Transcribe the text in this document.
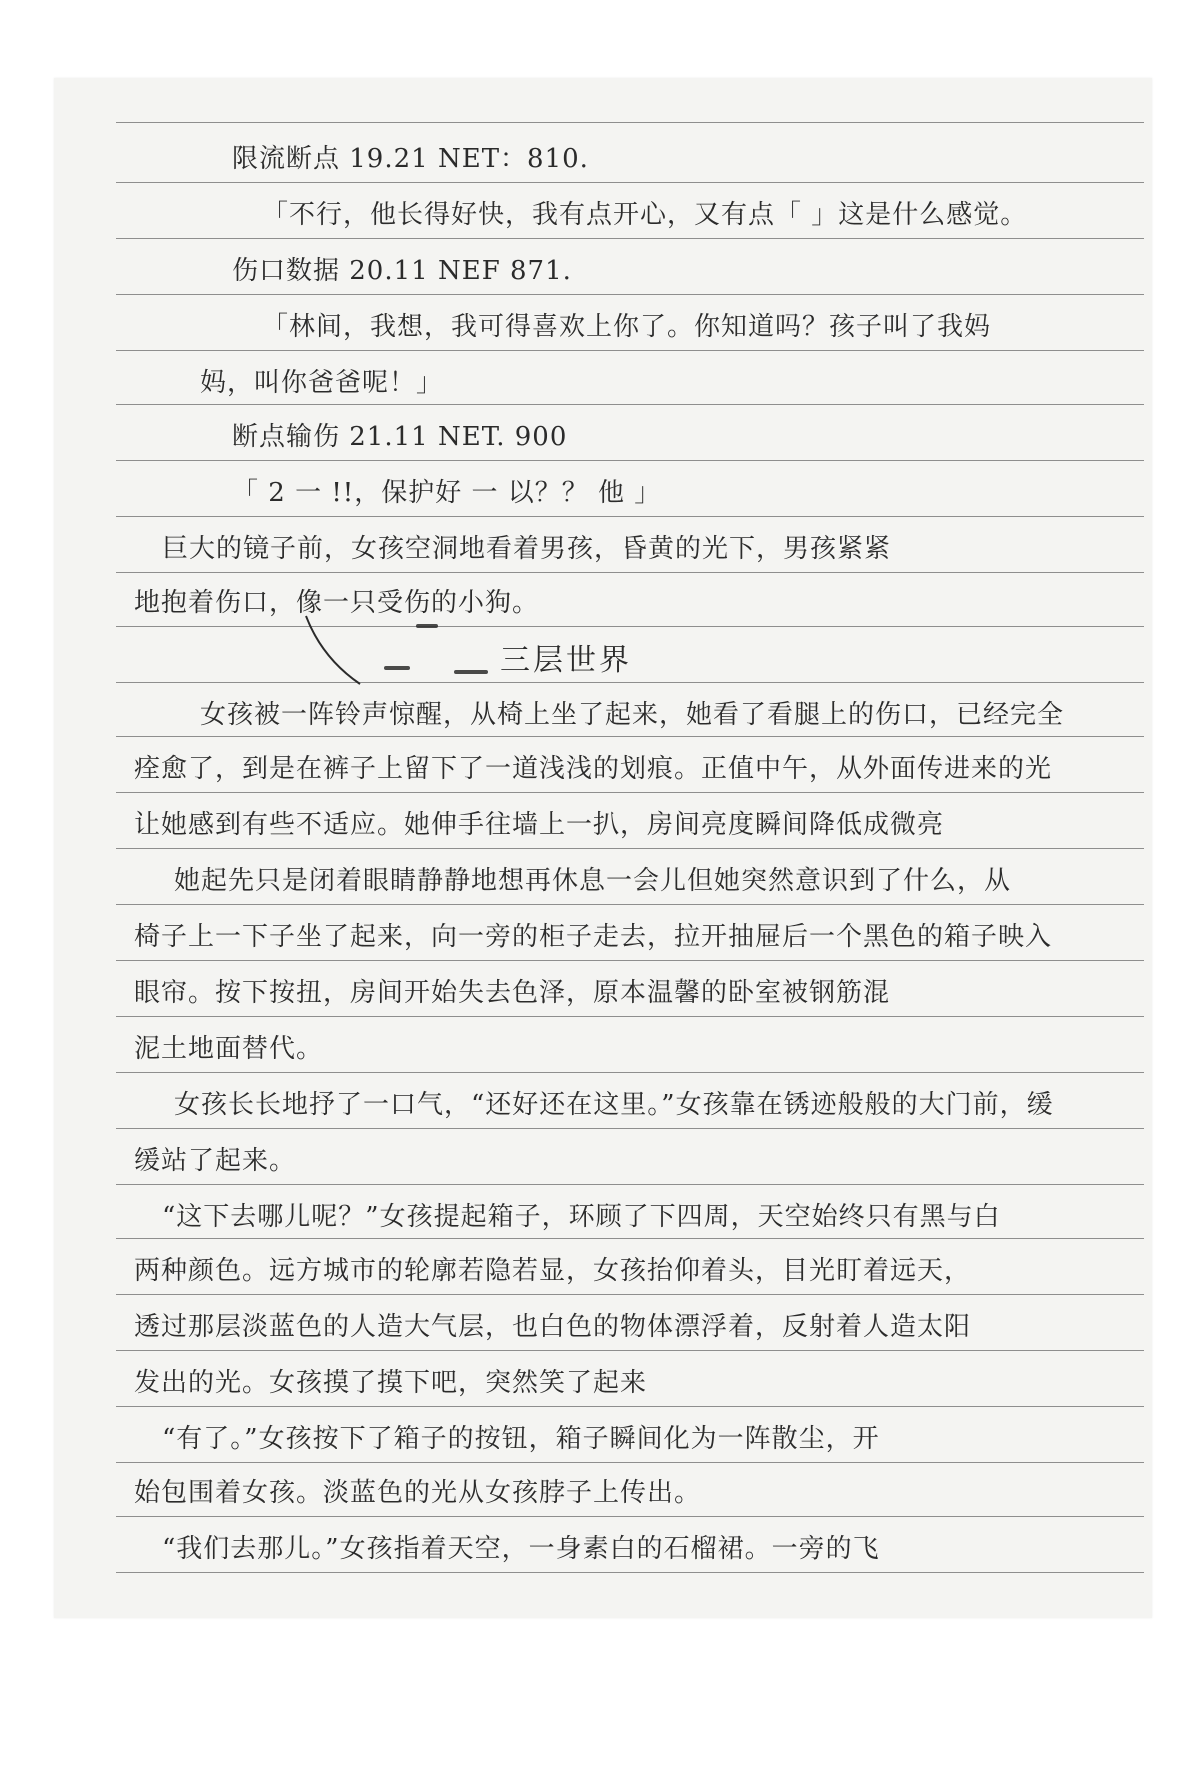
限流断点 19.21 NET：810.
「不行，他长得好快，我有点开心，又有点「 」这是什么感觉。
伤口数据 20.11 NEF 871.
「林间，我想，我可得喜欢上你了。你知道吗？孩子叫了我妈
妈，叫你爸爸呢！」
断点输伤 21.11 NET. 900
「 2 一 !!，保护好 一 以？？ 他 」
巨大的镜子前，女孩空洞地看着男孩，昏黄的光下，男孩紧紧
地抱着伤口，像一只受伤的小狗。
三层世界
女孩被一阵铃声惊醒，从椅上坐了起来，她看了看腿上的伤口，已经完全
痊愈了，到是在裤子上留下了一道浅浅的划痕。正值中午，从外面传进来的光
让她感到有些不适应。她伸手往墙上一扒，房间亮度瞬间降低成微亮
她起先只是闭着眼睛静静地想再休息一会儿但她突然意识到了什么，从
椅子上一下子坐了起来，向一旁的柜子走去，拉开抽屉后一个黑色的箱子映入
眼帘。按下按扭，房间开始失去色泽，原本温馨的卧室被钢筋混
泥土地面替代。
女孩长长地抒了一口气，“还好还在这里。”女孩靠在锈迹般般的大门前，缓
缓站了起来。
“这下去哪儿呢？”女孩提起箱子，环顾了下四周，天空始终只有黑与白
两种颜色。远方城市的轮廓若隐若显，女孩抬仰着头，目光盯着远天，
透过那层淡蓝色的人造大气层，也白色的物体漂浮着，反射着人造太阳
发出的光。女孩摸了摸下吧，突然笑了起来
“有了。”女孩按下了箱子的按钮，箱子瞬间化为一阵散尘，开
始包围着女孩。淡蓝色的光从女孩脖子上传出。
“我们去那儿。”女孩指着天空，一身素白的石榴裙。一旁的飞
